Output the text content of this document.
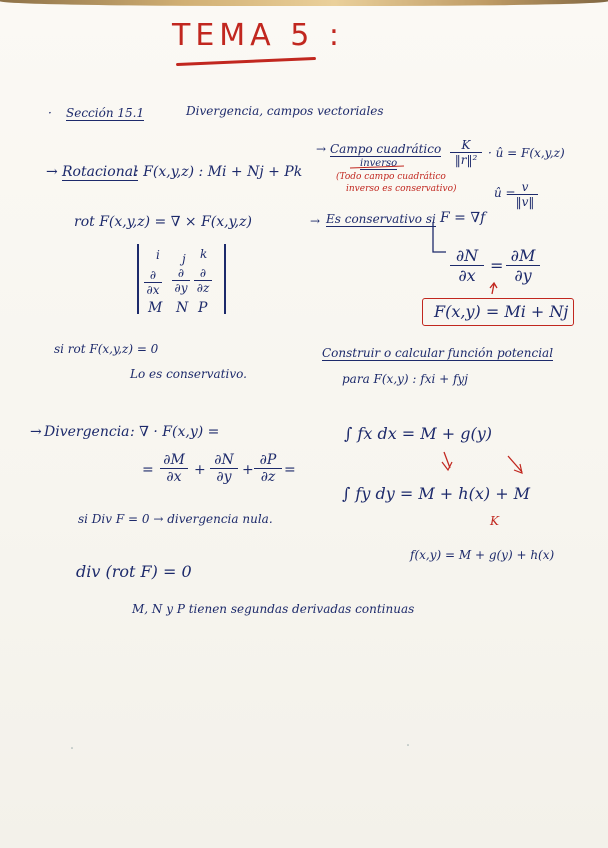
TEMA 5 :
· Sección 15.1	Divergencia, campos vectoriales
→ Rotacional
: F(x,y,z) : Mi + Nj + Pk
rot F(x,y,z) = ∇ × F(x,y,z)
i j k
∂
∂x
∂
∂y
∂
∂z
M N P
si rot F(x,y,z) = 0
Lo es conservativo.
→ Divergencia : ∇ · F(x,y) =
= $\frac{\partial M}{\partial x} + \frac{\partial N}{\partial y} + \frac{\partial P}{\partial z}$ =
si Div F = 0 → divergencia nula.
div (rot F) = 0
M, N y P tienen segundas derivadas continuas
→ Campo cuadrático
inverso
(Todo campo cuadrático
inverso es conservativo)
$\frac{K}{\text{‖r‖²}}$ · û = F(x,y,z)
û =
$\frac{v}{‖v‖}$
→ Es conservativo si F = ∇f
$\frac{\partial N}{\partial x} = \frac{\partial M}{\partial y}$
F(x,y) = Mi + Nj
Construir o calcular función potencial
para F(x,y) : fxi + fyj
∫ fx dx = M + g(y)
∫ fy dy = M + h(x) + M
K
f(x,y) = M + g(y) + h(x)
